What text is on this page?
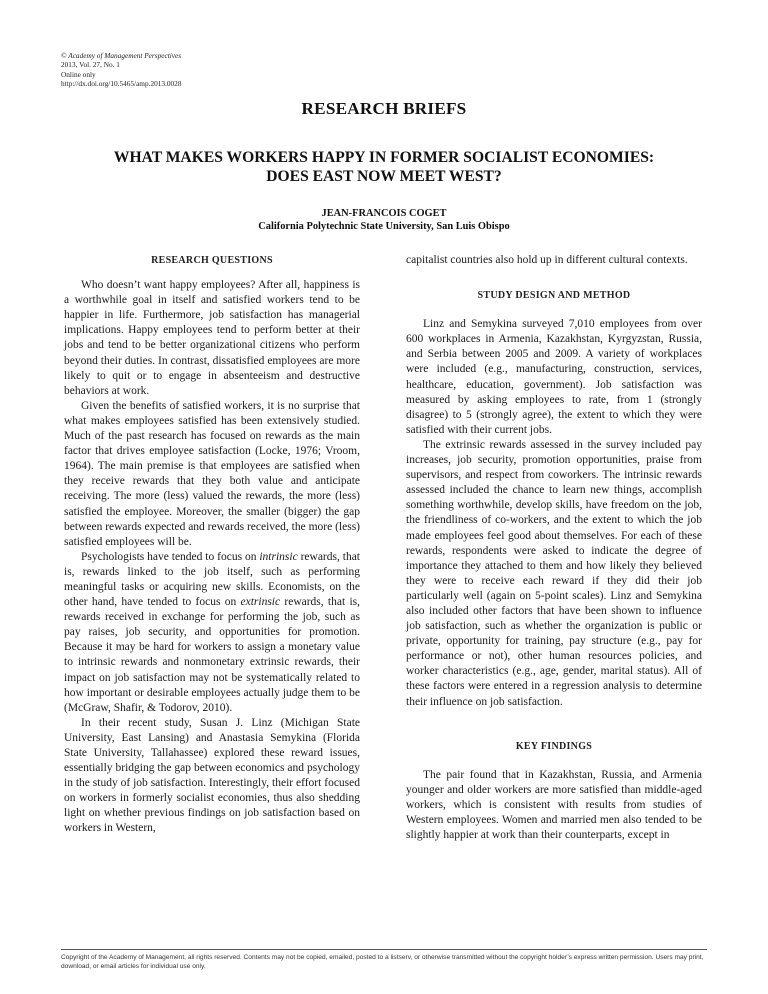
© Academy of Management Perspectives
2013, Vol. 27, No. 1
Online only
http://dx.doi.org/10.5465/amp.2013.0028
RESEARCH BRIEFS
WHAT MAKES WORKERS HAPPY IN FORMER SOCIALIST ECONOMIES:
DOES EAST NOW MEET WEST?
JEAN-FRANCOIS COGET
California Polytechnic State University, San Luis Obispo
RESEARCH QUESTIONS

Who doesn’t want happy employees? After all, happiness is a worthwhile goal in itself and satisfied workers tend to be happier in life. Furthermore, job satisfaction has managerial implications. Happy employees tend to perform better at their jobs and tend to be better organizational citizens who perform beyond their duties. In contrast, dissatisfied employees are more likely to quit or to engage in absenteeism and destructive behaviors at work.

Given the benefits of satisfied workers, it is no surprise that what makes employees satisfied has been extensively studied. Much of the past research has focused on rewards as the main factor that drives employee satisfaction (Locke, 1976; Vroom, 1964). The main premise is that employees are satisfied when they receive rewards that they both value and anticipate receiving. The more (less) valued the rewards, the more (less) satisfied the employee. Moreover, the smaller (bigger) the gap between rewards expected and rewards received, the more (less) satisfied employees will be.

Psychologists have tended to focus on intrinsic rewards, that is, rewards linked to the job itself, such as performing meaningful tasks or acquiring new skills. Economists, on the other hand, have tended to focus on extrinsic rewards, that is, rewards received in exchange for performing the job, such as pay raises, job security, and opportunities for promotion. Because it may be hard for workers to assign a monetary value to intrinsic rewards and nonmonetary extrinsic rewards, their impact on job satisfaction may not be systematically related to how important or desirable employees actually judge them to be (McGraw, Shafir, & Todorov, 2010).

In their recent study, Susan J. Linz (Michigan State University, East Lansing) and Anastasia Semykina (Florida State University, Tallahassee) explored these reward issues, essentially bridging the gap between economics and psychology in the study of job satisfaction. Interestingly, their effort focused on workers in formerly socialist economies, thus also shedding light on whether previous findings on job satisfaction based on workers in Western,

capitalist countries also hold up in different cultural contexts.

STUDY DESIGN AND METHOD

Linz and Semykina surveyed 7,010 employees from over 600 workplaces in Armenia, Kazakhstan, Kyrgyzstan, Russia, and Serbia between 2005 and 2009. A variety of workplaces were included (e.g., manufacturing, construction, services, healthcare, education, government). Job satisfaction was measured by asking employees to rate, from 1 (strongly disagree) to 5 (strongly agree), the extent to which they were satisfied with their current jobs.

The extrinsic rewards assessed in the survey included pay increases, job security, promotion opportunities, praise from supervisors, and respect from coworkers. The intrinsic rewards assessed included the chance to learn new things, accomplish something worthwhile, develop skills, have freedom on the job, the friendliness of co-workers, and the extent to which the job made employees feel good about themselves. For each of these rewards, respondents were asked to indicate the degree of importance they attached to them and how likely they believed they were to receive each reward if they did their job particularly well (again on 5-point scales). Linz and Semykina also included other factors that have been shown to influence job satisfaction, such as whether the organization is public or private, opportunity for training, pay structure (e.g., pay for performance or not), other human resources policies, and worker characteristics (e.g., age, gender, marital status). All of these factors were entered in a regression analysis to determine their influence on job satisfaction.

KEY FINDINGS

The pair found that in Kazakhstan, Russia, and Armenia younger and older workers are more satisfied than middle-aged workers, which is consistent with results from studies of Western employees. Women and married men also tended to be slightly happier at work than their counterparts, except in

Copyright of the Academy of Management, all rights reserved. Contents may not be copied, emailed, posted to a listserv, or otherwise transmitted without the copyright holder’s express written permission. Users may print, download, or email articles for individual use only.
